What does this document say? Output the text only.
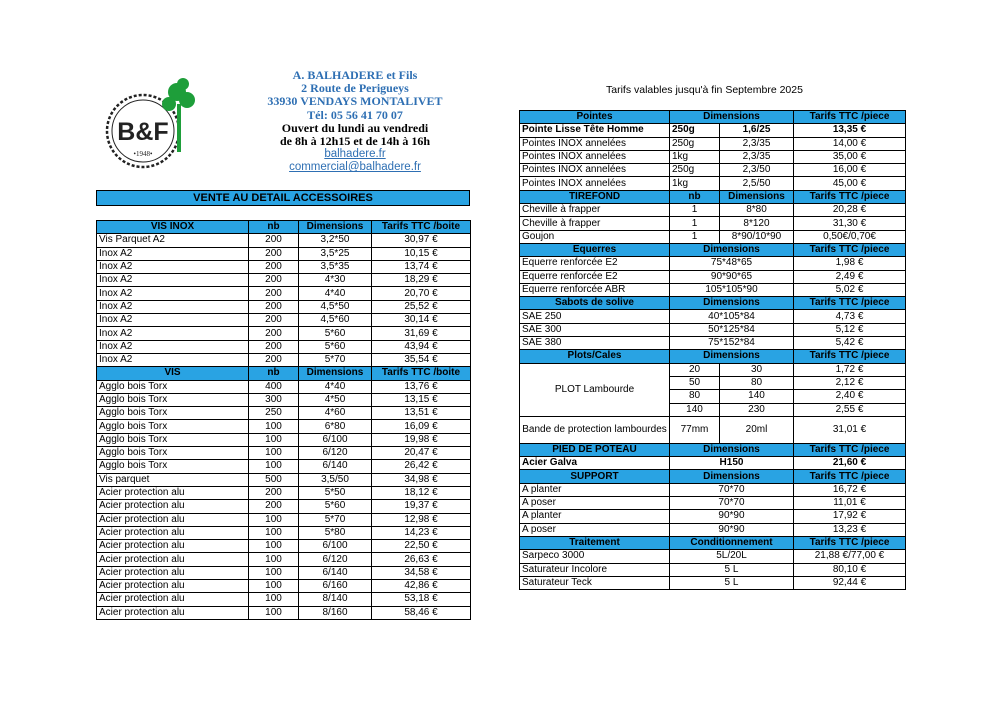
B&F
•1948•
A. BALHADERE et Fils
2 Route de Perigueys
33930 VENDAYS MONTALIVET
Tél: 05 56 41 70 07
Ouvert du lundi au vendredi
de 8h à 12h15 et de 14h à 16h
balhadere.fr
commercial@balhadere.fr
Tarifs valables jusqu'à fin Septembre 2025
VENTE AU DETAIL ACCESSOIRES
VIS INOX	nb	Dimensions	Tarifs TTC /boite
Vis Parquet A2	200	3,2*50	30,97 €
Inox A2	200	3,5*25	10,15 €
Inox A2	200	3,5*35	13,74 €
Inox A2	200	4*30	18,29 €
Inox A2	200	4*40	20,70 €
Inox A2	200	4,5*50	25,52 €
Inox A2	200	4,5*60	30,14 €
Inox A2	200	5*60	31,69 €
Inox A2	200	5*60	43,94 €
Inox A2	200	5*70	35,54 €
VIS	nb	Dimensions	Tarifs TTC /boite
Agglo bois Torx	400	4*40	13,76 €
Agglo bois Torx	300	4*50	13,15 €
Agglo bois Torx	250	4*60	13,51 €
Agglo bois Torx	100	6*80	16,09 €
Agglo bois Torx	100	6/100	19,98 €
Agglo bois Torx	100	6/120	20,47 €
Agglo bois Torx	100	6/140	26,42 €
Vis parquet	500	3,5/50	34,98 €
Acier protection alu	200	5*50	18,12 €
Acier protection alu	200	5*60	19,37 €
Acier protection alu	100	5*70	12,98 €
Acier protection alu	100	5*80	14,23 €
Acier protection alu	100	6/100	22,50 €
Acier protection alu	100	6/120	26,63 €
Acier protection alu	100	6/140	34,58 €
Acier protection alu	100	6/160	42,86 €
Acier protection alu	100	8/140	53,18 €
Acier protection alu	100	8/160	58,46 €
Pointes	Dimensions		Tarifs TTC /piece
Pointe Lisse Tête Homme	250g	1,6/25	13,35 €
Pointes INOX annelées	250g	2,3/35	14,00 €
Pointes INOX annelées	1kg	2,3/35	35,00 €
Pointes INOX annelées	250g	2,3/50	16,00 €
Pointes INOX annelées	1kg	2,5/50	45,00 €
TIREFOND	nb	Dimensions	Tarifs TTC /piece
Cheville à frapper	1	8*80	20,28 €
Cheville à frapper	1	8*120	31,30 €
Goujon	1	8*90/10*90	0,50€/0,70€
Equerres	Dimensions		Tarifs TTC /piece
Equerre renforcée E2	75*48*65		1,98 €
Equerre renforcée E2	90*90*65		2,49 €
Equerre renforcée ABR	105*105*90		5,02 €
Sabots de solive	Dimensions		Tarifs TTC /piece
SAE 250	40*105*84		4,73 €
SAE 300	50*125*84		5,12 €
SAE 380	75*152*84		5,42 €
Plots/Cales	Dimensions		Tarifs TTC /piece
PLOT Lambourde	20	30	1,72 €
	50	80	2,12 €
	80	140	2,40 €
	140	230	2,55 €
Bande de protection lambourdes	77mm	20ml	31,01 €
PIED DE POTEAU	Dimensions		Tarifs TTC /piece
Acier Galva	H150		21,60 €
SUPPORT	Dimensions		Tarifs TTC /piece
A planter	70*70		16,72 €
A poser	70*70		11,01 €
A planter	90*90		17,92 €
A poser	90*90		13,23 €
Traitement	Conditionnement		Tarifs TTC /piece
Sarpeco 3000	5L/20L		21,88 €/77,00 €
Saturateur Incolore	5 L		80,10 €
Saturateur Teck	5 L		92,44 €
